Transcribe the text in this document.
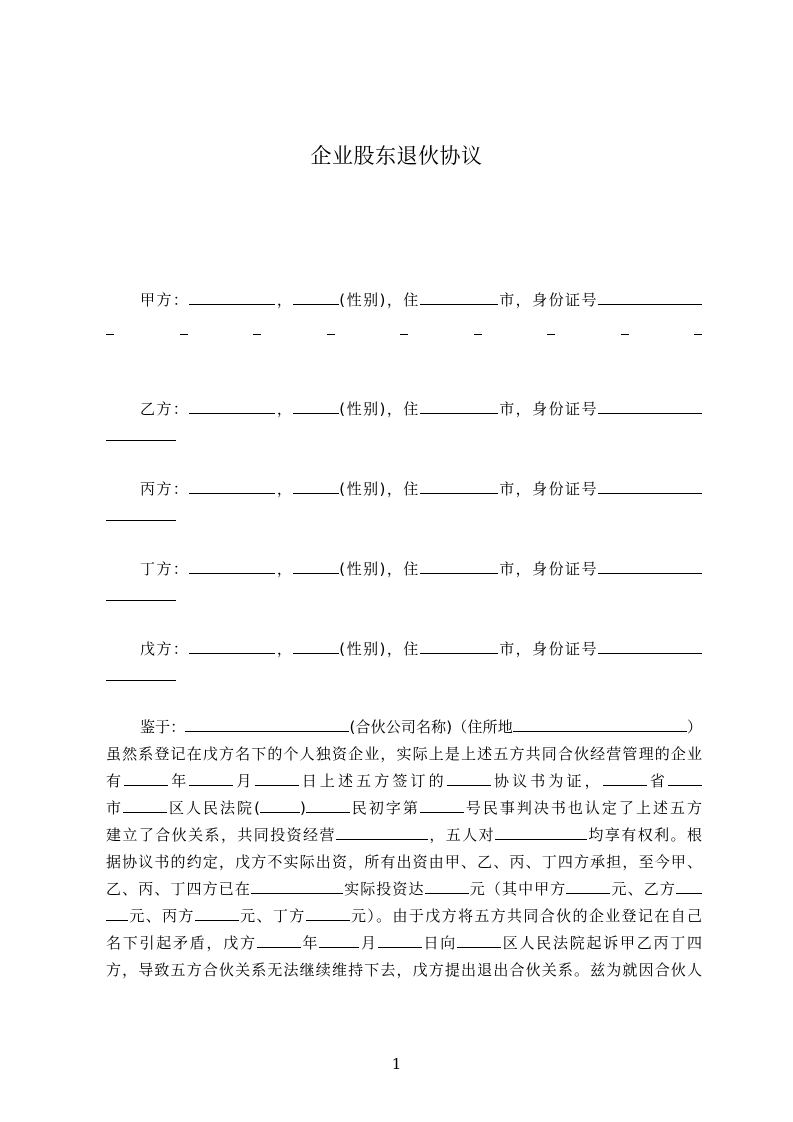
企业股东退伙协议
甲方：	，	(性别)，住	市，身份证号
乙方：	，	(性别)，住	市，身份证号
丙方：	，	(性别)，住	市，身份证号
丁方：	，	(性别)，住	市，身份证号
戊方：	，	(性别)，住	市，身份证号
鉴于：	(合伙公司名称)（住所地	）
虽然系登记在戊方名下的个人独资企业，实际上是上述五方共同合伙经营管理的企业
有	年	月	日上述五方签订的	协议书为证，	省
市	区人民法院(	)	民初字第	号民事判决书也认定了上述五方
建立了合伙关系，共同投资经营	，五人对	均享有权利。根
据协议书的约定，戊方不实际出资，所有出资由甲、乙、丙、丁四方承担，至今甲、
乙、丙、丁四方已在	实际投资达	元（其中甲方	元、乙方
元、丙方	元、丁方	元）。由于戊方将五方共同合伙的企业登记在自己
名下引起矛盾，戊方	年	月	日向	区人民法院起诉甲乙丙丁四
方，导致五方合伙关系无法继续维持下去，戊方提出退出合伙关系。兹为就因合伙人
1
